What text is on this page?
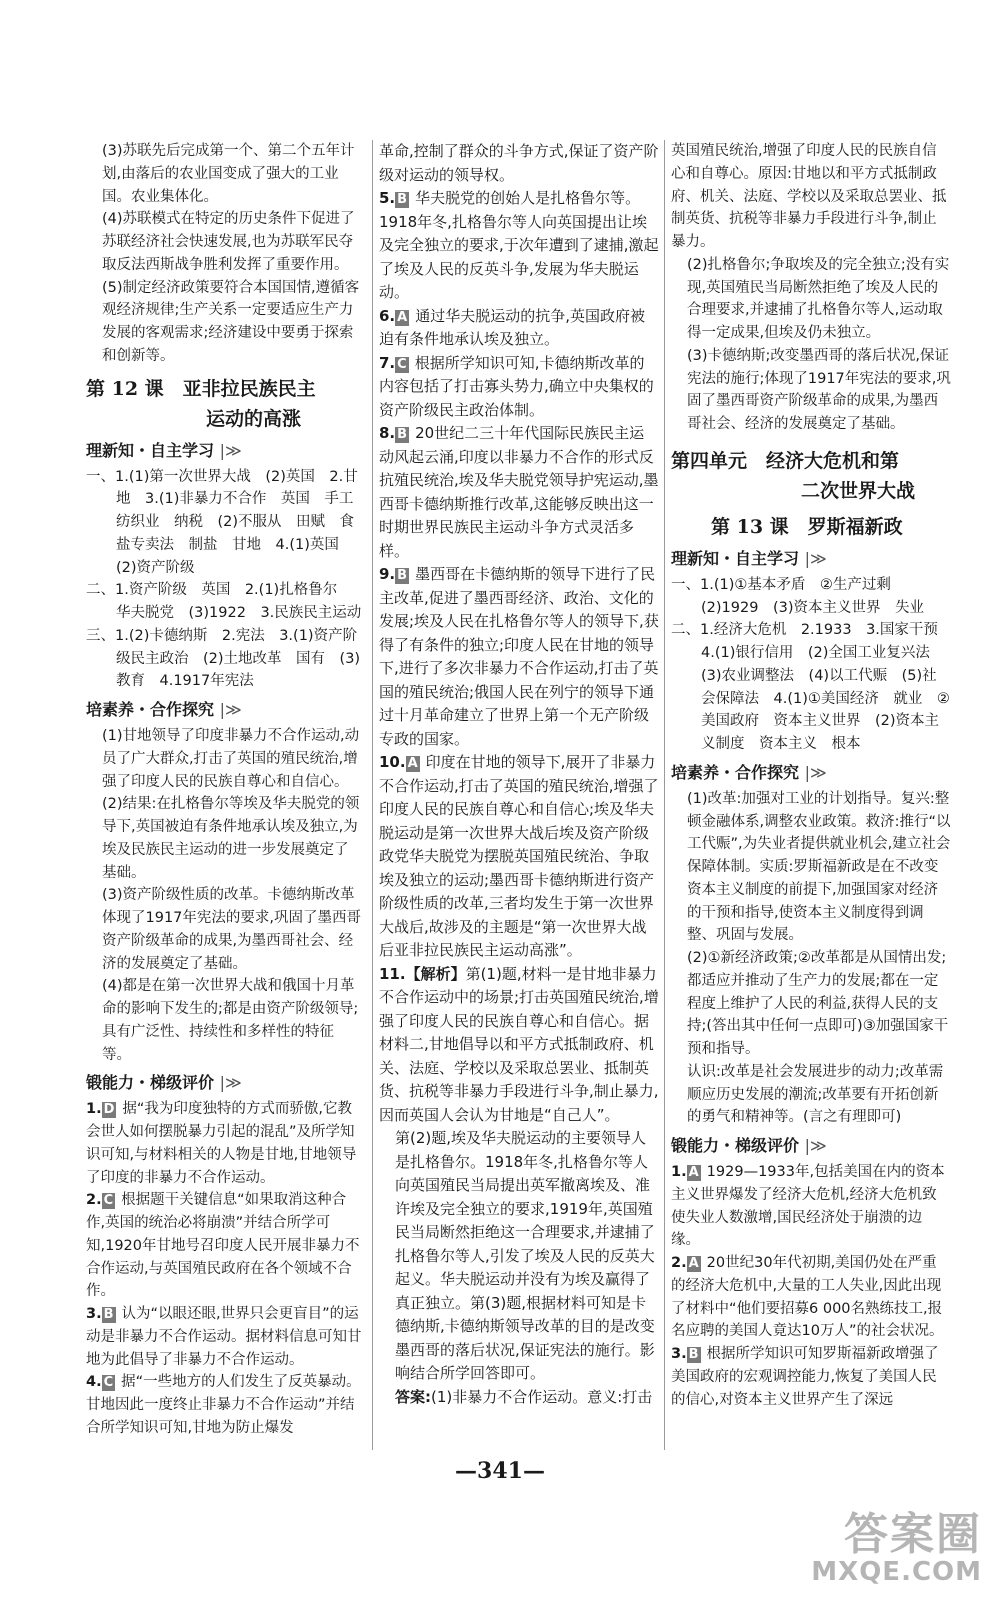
(3)苏联先后完成第一个、第二个五年计划,由落后的农业国变成了强大的工业国。农业集体化。

(4)苏联模式在特定的历史条件下促进了苏联经济社会快速发展,也为苏联军民夺取反法西斯战争胜利发挥了重要作用。

(5)制定经济政策要符合本国国情,遵循客观经济规律;生产关系一定要适应生产力发展的客观需求;经济建设中要勇于探索和创新等。

第 12 课　亚非拉民族民主
运动的高涨
理新知・自主学习 |≫

一、1.(1)第一次世界大战　(2)英国　2.甘地　3.(1)非暴力不合作　英国　手工纺织业　纳税　(2)不服从　田赋　食盐专卖法　制盐　甘地　4.(1)英国　(2)资产阶级

二、1.资产阶级　英国　2.(1)扎格鲁尔　华夫脱党　(3)1922　3.民族民主运动

三、1.(2)卡德纳斯　2.宪法　3.(1)资产阶级民主政治　(2)土地改革　国有　(3)教育　4.1917年宪法

培素养・合作探究 |≫

(1)甘地领导了印度非暴力不合作运动,动员了广大群众,打击了英国的殖民统治,增强了印度人民的民族自尊心和自信心。

(2)结果:在扎格鲁尔等埃及华夫脱党的领导下,英国被迫有条件地承认埃及独立,为埃及民族民主运动的进一步发展奠定了基础。

(3)资产阶级性质的改革。卡德纳斯改革体现了1917年宪法的要求,巩固了墨西哥资产阶级革命的成果,为墨西哥社会、经济的发展奠定了基础。

(4)都是在第一次世界大战和俄国十月革命的影响下发生的;都是由资产阶级领导;具有广泛性、持续性和多样性的特征等。

锻能力・梯级评价 |≫

1. D 据“我为印度独特的方式而骄傲,它教会世人如何摆脱暴力引起的混乱”及所学知识可知,与材料相关的人物是甘地,甘地领导了印度的非暴力不合作运动。

2. C 根据题干关键信息“如果取消这种合作,英国的统治必将崩溃”并结合所学可知,1920年甘地号召印度人民开展非暴力不合作运动,与英国殖民政府在各个领域不合作。

3. B 认为“以眼还眼,世界只会更盲目”的运动是非暴力不合作运动。据材料信息可知甘地为此倡导了非暴力不合作运动。

4. C 据“一些地方的人们发生了反英暴动。甘地因此一度终止非暴力不合作运动”并结合所学知识可知,甘地为防止爆发

革命,控制了群众的斗争方式,保证了资产阶级对运动的领导权。

5. B 华夫脱党的创始人是扎格鲁尔等。1918年冬,扎格鲁尔等人向英国提出让埃及完全独立的要求,于次年遭到了逮捕,激起了埃及人民的反英斗争,发展为华夫脱运动。

6. A 通过华夫脱运动的抗争,英国政府被迫有条件地承认埃及独立。

7. C 根据所学知识可知,卡德纳斯改革的内容包括了打击寡头势力,确立中央集权的资产阶级民主政治体制。

8. B 20世纪二三十年代国际民族民主运动风起云涌,印度以非暴力不合作的形式反抗殖民统治,埃及华夫脱党领导护宪运动,墨西哥卡德纳斯推行改革,这能够反映出这一时期世界民族民主运动斗争方式灵活多样。

9. B 墨西哥在卡德纳斯的领导下进行了民主改革,促进了墨西哥经济、政治、文化的发展;埃及人民在扎格鲁尔等人的领导下,获得了有条件的独立;印度人民在甘地的领导下,进行了多次非暴力不合作运动,打击了英国的殖民统治;俄国人民在列宁的领导下通过十月革命建立了世界上第一个无产阶级专政的国家。

10. A 印度在甘地的领导下,展开了非暴力不合作运动,打击了英国的殖民统治,增强了印度人民的民族自尊心和自信心;埃及华夫脱运动是第一次世界大战后埃及资产阶级政党华夫脱党为摆脱英国殖民统治、争取埃及独立的运动;墨西哥卡德纳斯进行资产阶级性质的改革,三者均发生于第一次世界大战后,故涉及的主题是“第一次世界大战后亚非拉民族民主运动高涨”。

11.【解析】第(1)题,材料一是甘地非暴力不合作运动中的场景;打击英国殖民统治,增强了印度人民的民族自尊心和自信心。据材料二,甘地倡导以和平方式抵制政府、机关、法庭、学校以及采取总罢业、抵制英货、抗税等非暴力手段进行斗争,制止暴力,因而英国人会认为甘地是“自己人”。

第(2)题,埃及华夫脱运动的主要领导人是扎格鲁尔。1918年冬,扎格鲁尔等人向英国殖民当局提出英军撤离埃及、准许埃及完全独立的要求,1919年,英国殖民当局断然拒绝这一合理要求,并逮捕了扎格鲁尔等人,引发了埃及人民的反英大起义。华夫脱运动并没有为埃及赢得了真正独立。第(3)题,根据材料可知是卡德纳斯,卡德纳斯领导改革的目的是改变墨西哥的落后状况,保证宪法的施行。影响结合所学回答即可。

答案:(1)非暴力不合作运动。意义:打击

英国殖民统治,增强了印度人民的民族自信心和自尊心。原因:甘地以和平方式抵制政府、机关、法庭、学校以及采取总罢业、抵制英货、抗税等非暴力手段进行斗争,制止暴力。

(2)扎格鲁尔;争取埃及的完全独立;没有实现,英国殖民当局断然拒绝了埃及人民的合理要求,并逮捕了扎格鲁尔等人,运动取得一定成果,但埃及仍未独立。

(3)卡德纳斯;改变墨西哥的落后状况,保证宪法的施行;体现了1917年宪法的要求,巩固了墨西哥资产阶级革命的成果,为墨西哥社会、经济的发展奠定了基础。

第四单元　经济大危机和第
二次世界大战
第 13 课　罗斯福新政
理新知・自主学习 |≫

一、1.(1)①基本矛盾　②生产过剩　(2)1929　(3)资本主义世界　失业

二、1.经济大危机　2.1933　3.国家干预　4.(1)银行信用　(2)全国工业复兴法　(3)农业调整法　(4)以工代赈　(5)社会保障法　4.(1)①美国经济　就业　②美国政府　资本主义世界　(2)资本主义制度　资本主义　根本

培素养・合作探究 |≫

(1)改革:加强对工业的计划指导。复兴:整顿金融体系,调整农业政策。救济:推行“以工代赈”,为失业者提供就业机会,建立社会保障体制。实质:罗斯福新政是在不改变资本主义制度的前提下,加强国家对经济的干预和指导,使资本主义制度得到调整、巩固与发展。

(2)①新经济政策;②改革都是从国情出发;都适应并推动了生产力的发展;都在一定程度上维护了人民的利益,获得人民的支持;(答出其中任何一点即可)③加强国家干预和指导。

认识:改革是社会发展进步的动力;改革需顺应历史发展的潮流;改革要有开拓创新的勇气和精神等。(言之有理即可)

锻能力・梯级评价 |≫

1. A 1929—1933年,包括美国在内的资本主义世界爆发了经济大危机,经济大危机致使失业人数激增,国民经济处于崩溃的边缘。

2. A 20世纪30年代初期,美国仍处在严重的经济大危机中,大量的工人失业,因此出现了材料中“他们要招募6 000名熟练技工,报名应聘的美国人竟达10万人”的社会状况。

3. B 根据所学知识可知罗斯福新政增强了美国政府的宏观调控能力,恢复了美国人民的信心,对资本主义世界产生了深远

—341—
答案圈
MXQE.COM
